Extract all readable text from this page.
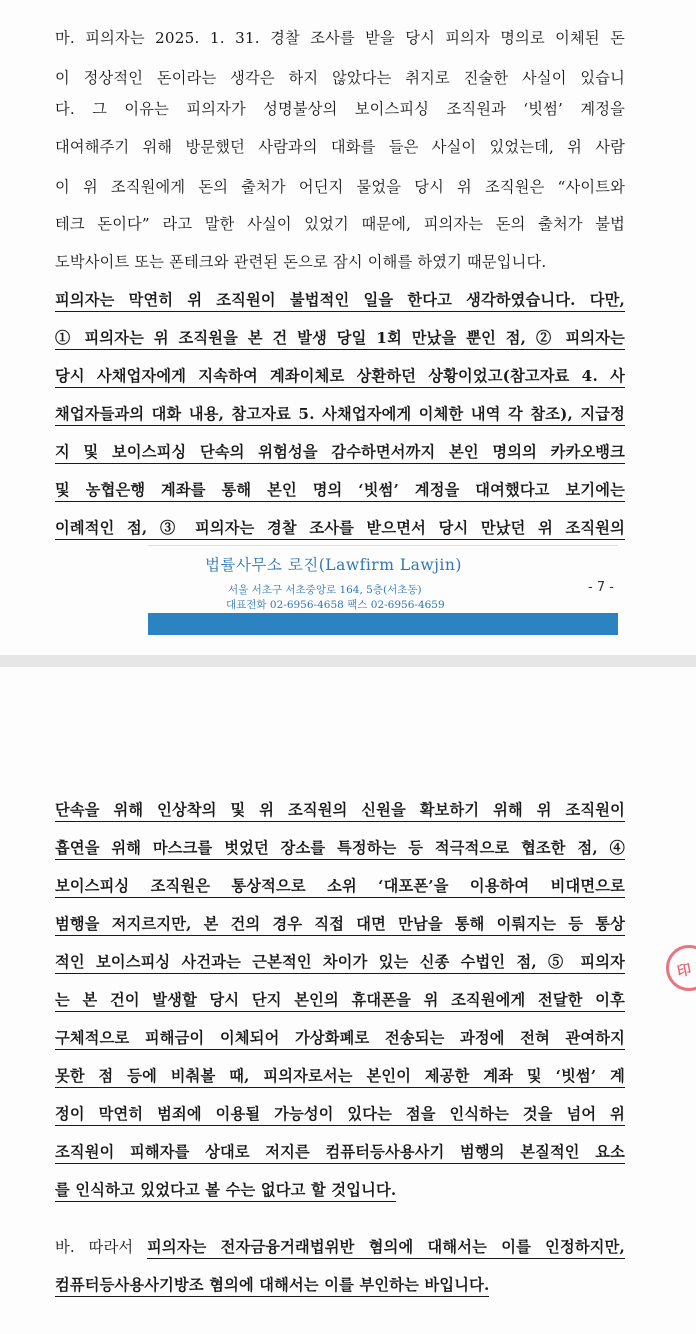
마. 피의자는 2025. 1. 31. 경찰 조사를 받을 당시 피의자 명의로 이체된 돈
이 정상적인 돈이라는 생각은 하지 않았다는 취지로 진술한 사실이 있습니
다. 그 이유는 피의자가 성명불상의 보이스피싱 조직원과 ‘빗썸’ 계정을
대여해주기 위해 방문했던 사람과의 대화를 들은 사실이 있었는데, 위 사람
이 위 조직원에게 돈의 출처가 어딘지 물었을 당시 위 조직원은 “사이트와
테크 돈이다” 라고 말한 사실이 있었기 때문에, 피의자는 돈의 출처가 불법
도박사이트 또는 폰테크와 관련된 돈으로 잠시 이해를 하였기 때문입니다.
피의자는 막연히 위 조직원이 불법적인 일을 한다고 생각하였습니다. 다만,
① 피의자는 위 조직원을 본 건 발생 당일 1회 만났을 뿐인 점, ② 피의자는
당시 사채업자에게 지속하여 계좌이체로 상환하던 상황이었고(참고자료 4. 사
채업자들과의 대화 내용, 참고자료 5. 사채업자에게 이체한 내역 각 참조), 지급정
지 및 보이스피싱 단속의 위험성을 감수하면서까지 본인 명의의 카카오뱅크
및 농협은행 계좌를 통해 본인 명의 ‘빗썸’ 계정을 대여했다고 보기에는
이례적인 점, ③ 피의자는 경찰 조사를 받으면서 당시 만났던 위 조직원의
법률사무소 로진(Lawfirm Lawjin)
서울 서초구 서초중앙로 164, 5층(서초동)
대표전화 02-6956-4658 팩스 02-6956-4659
- 7 -
단속을 위해 인상착의 및 위 조직원의 신원을 확보하기 위해 위 조직원이
흡연을 위해 마스크를 벗었던 장소를 특정하는 등 적극적으로 협조한 점, ④
보이스피싱 조직원은 통상적으로 소위 ‘대포폰’을 이용하여 비대면으로
범행을 저지르지만, 본 건의 경우 직접 대면 만남을 통해 이뤄지는 등 통상
적인 보이스피싱 사건과는 근본적인 차이가 있는 신종 수법인 점, ⑤ 피의자
는 본 건이 발생할 당시 단지 본인의 휴대폰을 위 조직원에게 전달한 이후
구체적으로 피해금이 이체되어 가상화폐로 전송되는 과정에 전혀 관여하지
못한 점 등에 비춰볼 때, 피의자로서는 본인이 제공한 계좌 및 ‘빗썸’ 계
정이 막연히 범죄에 이용될 가능성이 있다는 점을 인식하는 것을 넘어 위
조직원이 피해자를 상대로 저지른 컴퓨터등사용사기 범행의 본질적인 요소
를 인식하고 있었다고 볼 수는 없다고 할 것입니다.
바. 따라서 피의자는 전자금융거래법위반 혐의에 대해서는 이를 인정하지만,
컴퓨터등사용사기방조 혐의에 대해서는 이를 부인하는 바입니다.
印
